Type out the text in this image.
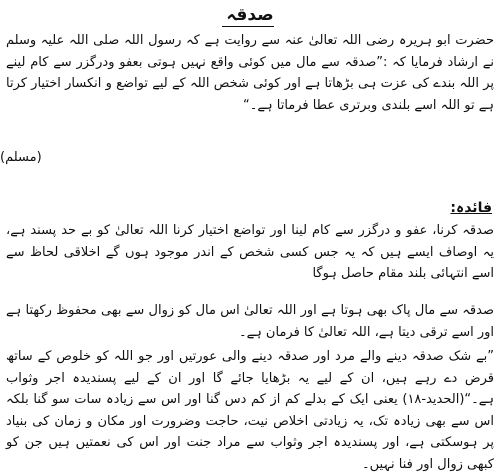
صدقہ

حضرت ابو ہریرہ رضی اللہ تعالیٰ عنہ سے روایت ہے کہ رسول اللہ صلی اللہ علیہ وسلم نے ارشاد فرمایا کہ :”صدقہ سے مال میں کوئی واقع نہیں ہوتی بعفو ودرگزر سے کام لینے پر اللہ بندے کی عزت ہی بڑھاتا ہے اور کوئی شخص اللہ کے لیے تواضع و انکسار اختیار کرتا ہے تو اللہ اسے بلندی وبرتری عطا فرماتا ہے۔“

(مسلم)
فائدہ:

صدقہ کرنا، عفو و درگزر سے کام لینا اور تواضع اختیار کرنا اللہ تعالیٰ کو بے حد پسند ہے، یہ اوصاف ایسے ہیں کہ یہ جس کسی شخص کے اندر موجود ہوں گے اخلاقی لحاظ سے اسے انتہائی بلند مقام حاصل ہوگا

صدقہ سے مال پاک بھی ہوتا ہے اور اللہ تعالیٰ اس مال کو زوال سے بھی محفوظ رکھتا ہے اور اسے ترقی دیتا ہے، اللہ تعالیٰ کا فرمان ہے۔

”بے شک صدقہ دینے والے مرد اور صدقہ دینے والی عورتیں اور جو اللہ کو خلوص کے ساتھ قرض دے رہے ہیں، ان کے لیے یہ بڑھایا جائے گا اور ان کے لیے پسندیدہ اجر وثواب ہے۔“(الحدید-۱۸) یعنی ایک کے بدلے کم از کم دس گنا اور اس سے زیادہ سات سو گنا بلکہ اس سے بھی زیادہ تک، یہ زیادتی اخلاص نیت، حاجت وضرورت اور مکان و زمان کی بنیاد پر ہوسکتی ہے، اور پسندیدہ اجر وثواب سے مراد جنت اور اس کی نعمتیں ہیں جن کو کبھی زوال اور فنا نہیں۔
